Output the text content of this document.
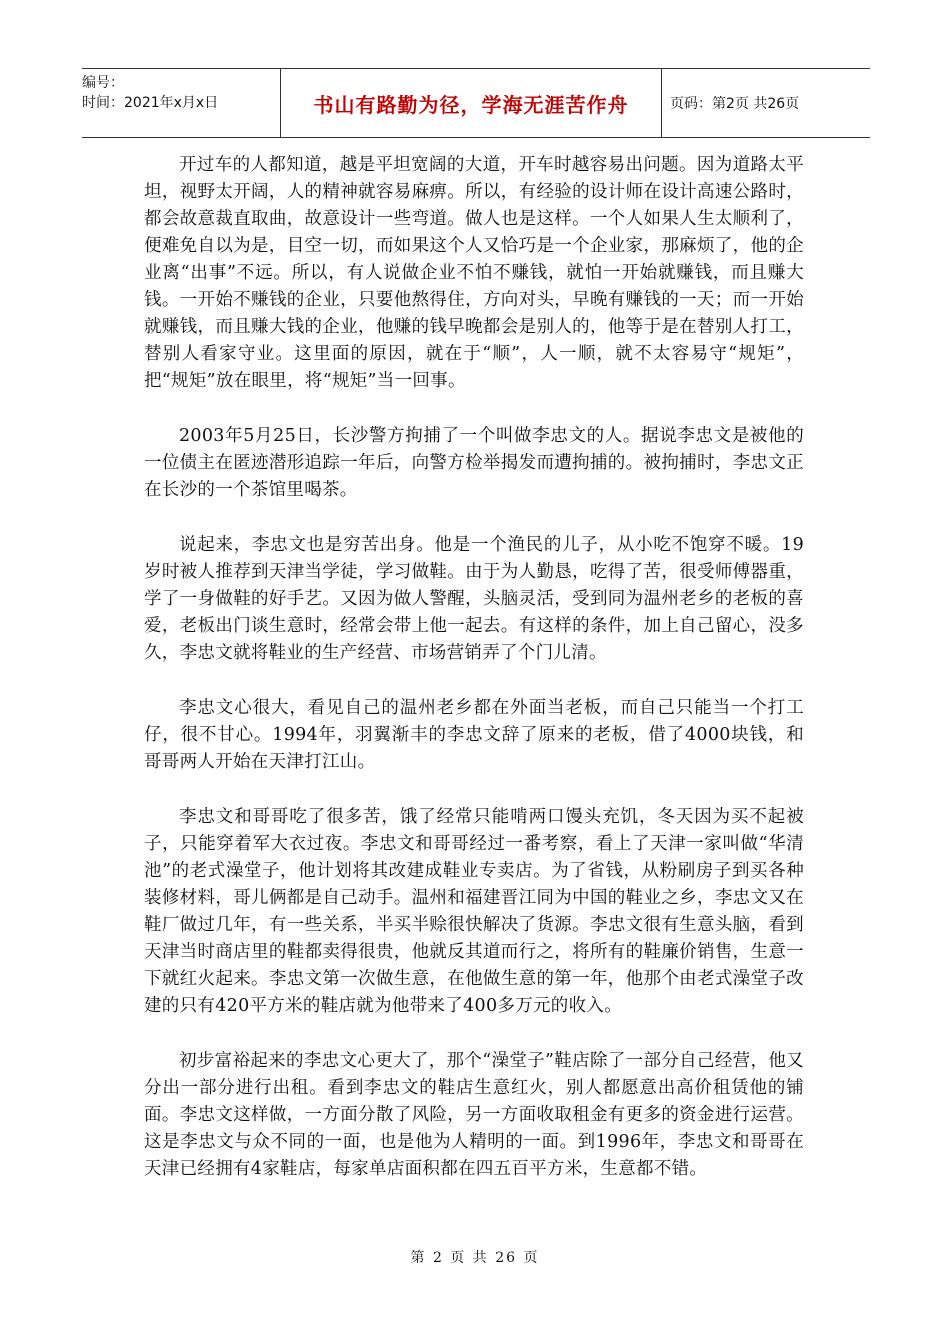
编号：
时间：2021年x月x日	书山有路勤为径，学海无涯苦作舟	页码：第2页 共26页

开过车的人都知道，越是平坦宽阔的大道，开车时越容易出问题。因为道路太平坦，视野太开阔，人的精神就容易麻痹。所以，有经验的设计师在设计高速公路时，都会故意裁直取曲，故意设计一些弯道。做人也是这样。一个人如果人生太顺利了，便难免自以为是，目空一切，而如果这个人又恰巧是一个企业家，那麻烦了，他的企业离“出事”不远。所以，有人说做企业不怕不赚钱，就怕一开始就赚钱，而且赚大钱。一开始不赚钱的企业，只要他熬得住，方向对头，早晚有赚钱的一天；而一开始就赚钱，而且赚大钱的企业，他赚的钱早晚都会是别人的，他等于是在替别人打工，替别人看家守业。这里面的原因，就在于“顺”，人一顺，就不太容易守“规矩”，把“规矩”放在眼里，将“规矩”当一回事。

2003年5月25日，长沙警方拘捕了一个叫做李忠文的人。据说李忠文是被他的一位债主在匿迹潜形追踪一年后，向警方检举揭发而遭拘捕的。被拘捕时，李忠文正在长沙的一个茶馆里喝茶。

说起来，李忠文也是穷苦出身。他是一个渔民的儿子，从小吃不饱穿不暖。19岁时被人推荐到天津当学徒，学习做鞋。由于为人勤恳，吃得了苦，很受师傅器重，学了一身做鞋的好手艺。又因为做人警醒，头脑灵活，受到同为温州老乡的老板的喜爱，老板出门谈生意时，经常会带上他一起去。有这样的条件，加上自己留心，没多久，李忠文就将鞋业的生产经营、市场营销弄了个门儿清。

李忠文心很大，看见自己的温州老乡都在外面当老板，而自己只能当一个打工仔，很不甘心。1994年，羽翼渐丰的李忠文辞了原来的老板，借了4000块钱，和哥哥两人开始在天津打江山。

李忠文和哥哥吃了很多苦，饿了经常只能啃两口馒头充饥，冬天因为买不起被子，只能穿着军大衣过夜。李忠文和哥哥经过一番考察，看上了天津一家叫做“华清池”的老式澡堂子，他计划将其改建成鞋业专卖店。为了省钱，从粉刷房子到买各种装修材料，哥儿俩都是自己动手。温州和福建晋江同为中国的鞋业之乡，李忠文又在鞋厂做过几年，有一些关系，半买半赊很快解决了货源。李忠文很有生意头脑，看到天津当时商店里的鞋都卖得很贵，他就反其道而行之，将所有的鞋廉价销售，生意一下就红火起来。李忠文第一次做生意，在他做生意的第一年，他那个由老式澡堂子改建的只有420平方米的鞋店就为他带来了400多万元的收入。

初步富裕起来的李忠文心更大了，那个“澡堂子”鞋店除了一部分自己经营，他又分出一部分进行出租。看到李忠文的鞋店生意红火，别人都愿意出高价租赁他的铺面。李忠文这样做，一方面分散了风险，另一方面收取租金有更多的资金进行运营。这是李忠文与众不同的一面，也是他为人精明的一面。到1996年，李忠文和哥哥在天津已经拥有4家鞋店，每家单店面积都在四五百平方米，生意都不错。

第 2 页 共 26 页
